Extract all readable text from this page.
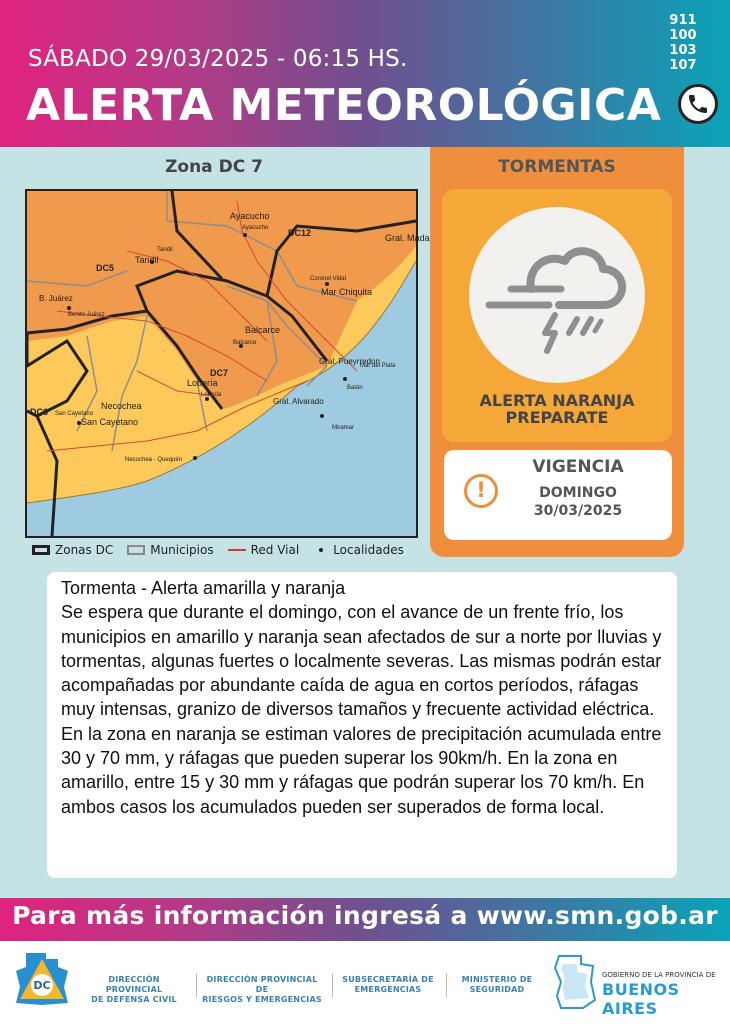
SÁBADO 29/03/2025 - 06:15 HS.
ALERTA METEOROLÓGICA
911
100
103
107
Zona DC 7
Ayacucho
Ayacucho DC12	Gral. Mada
Tandil
Tandil
DC5
Coronel Vidal
Mar Chiquita
B. Juárez
Benito Juárez
Balcarce
Balcarce
Gral. Pueyrredon
Mar del Plata
DC7
Lobería
Lobería
Batán
Gral. Alvarado
Miramar
Necochea
DC6 San Cayetano
San Cayetano
Necochea - Quequén
Zonas DC	Municipios	Red Vial	Localidades
TORMENTAS
ALERTA NARANJA
PREPARATE
!
VIGENCIA
DOMINGO
30/03/2025
Tormenta - Alerta amarilla y naranja
Se espera que durante el domingo, con el avance de un frente frío, los municipios en amarillo y naranja sean afectados de sur a norte por lluvias y tormentas, algunas fuertes o localmente severas. Las mismas podrán estar acompañadas por abundante caída de agua en cortos períodos, ráfagas muy intensas, granizo de diversos tamaños y frecuente actividad eléctrica. En la zona en naranja se estiman valores de precipitación acumulada entre 30 y 70 mm, y ráfagas que pueden superar los 90km/h. En la zona en amarillo, entre 15 y 30 mm y ráfagas que podrán superar los 70 km/h. En ambos casos los acumulados pueden ser superados de forma local.
Para más información ingresá a www.smn.gob.ar
DC	DIRECCIÓN PROVINCIAL
DE DEFENSA CIVIL
DIRECCIÓN PROVINCIAL DE
RIESGOS Y EMERGENCIAS
SUBSECRETARÍA DE
EMERGENCIAS
MINISTERIO DE
SEGURIDAD
GOBIERNO DE LA PROVINCIA DE
BUENOS AIRES
